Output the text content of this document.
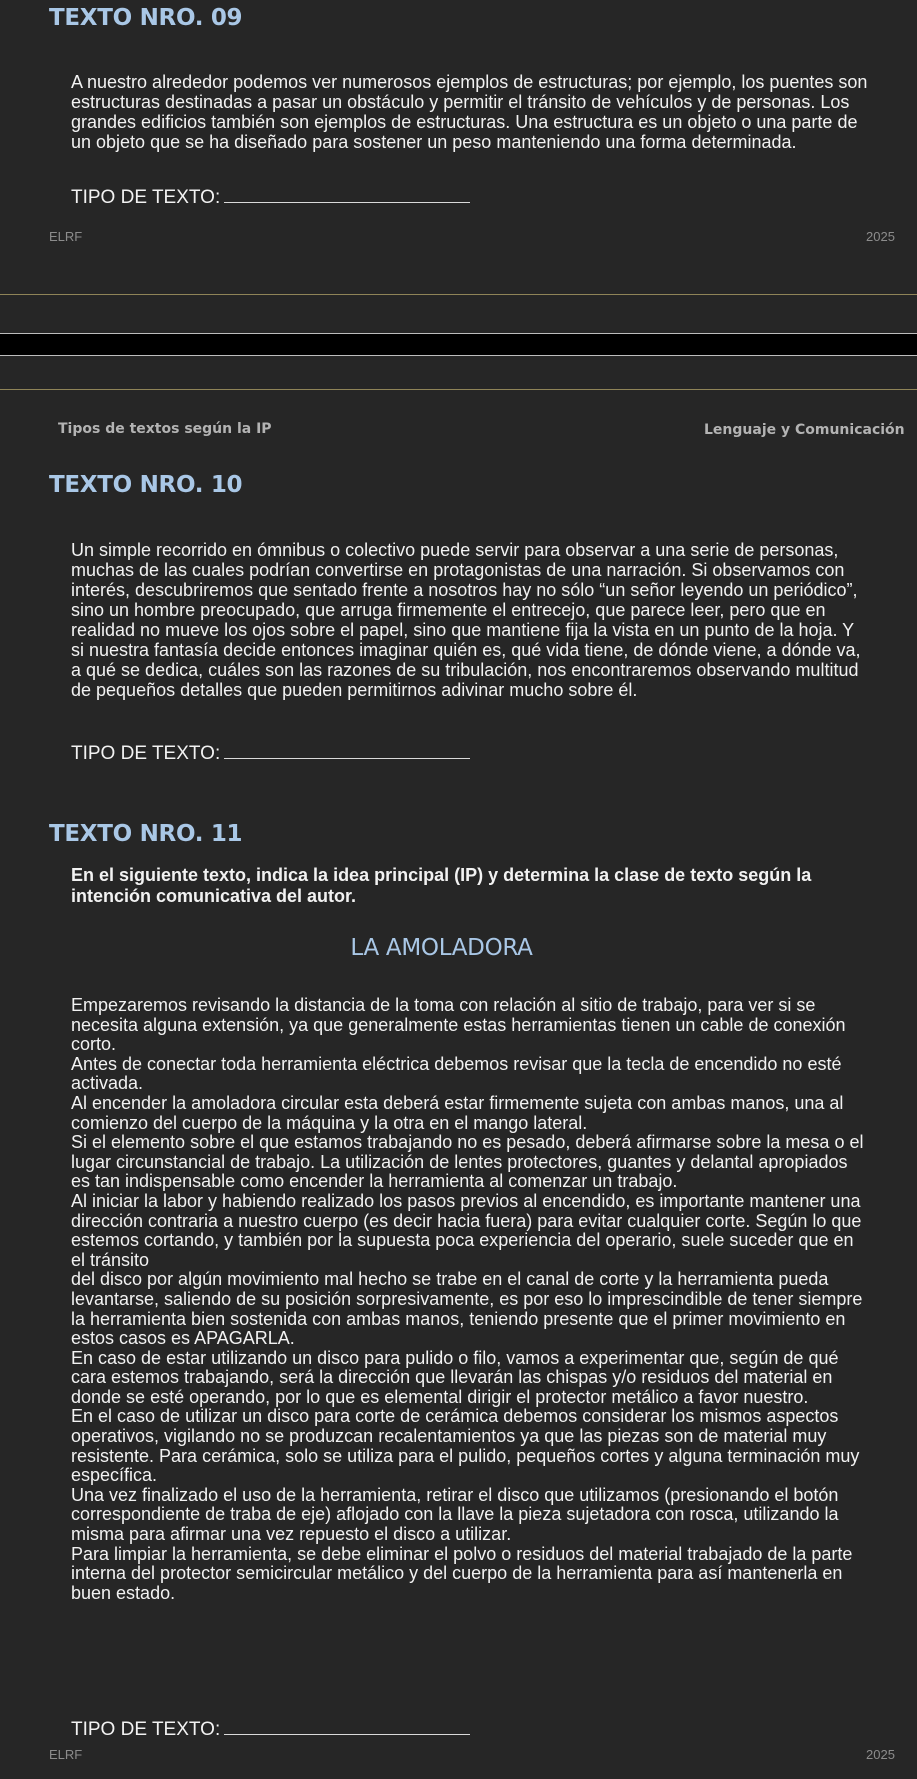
TEXTO NRO. 09
A nuestro alrededor podemos ver numerosos ejemplos de estructuras; por ejemplo, los puentes son
estructuras destinadas a pasar un obstáculo y permitir el tránsito de vehículos y de personas. Los
grandes edificios también son ejemplos de estructuras. Una estructura es un objeto o una parte de
un objeto que se ha diseñado para sostener un peso manteniendo una forma determinada.
TIPO DE TEXTO:
ELRF	2025
Tipos de textos según la IP	Lenguaje y Comunicación
TEXTO NRO. 10
Un simple recorrido en ómnibus o colectivo puede servir para observar a una serie de personas,
muchas de las cuales podrían convertirse en protagonistas de una narración. Si observamos con
interés, descubriremos que sentado frente a nosotros hay no sólo “un señor leyendo un periódico”,
sino un hombre preocupado, que arruga firmemente el entrecejo, que parece leer, pero que en
realidad no mueve los ojos sobre el papel, sino que mantiene fija la vista en un punto de la hoja. Y
si nuestra fantasía decide entonces imaginar quién es, qué vida tiene, de dónde viene, a dónde va,
a qué se dedica, cuáles son las razones de su tribulación, nos encontraremos observando multitud
de pequeños detalles que pueden permitirnos adivinar mucho sobre él.
TIPO DE TEXTO:
TEXTO NRO. 11
En el siguiente texto, indica la idea principal (IP) y determina la clase de texto según la
intención comunicativa del autor.
LA AMOLADORA
Empezaremos revisando la distancia de la toma con relación al sitio de trabajo, para ver si se
necesita alguna extensión, ya que generalmente estas herramientas tienen un cable de conexión
corto.
Antes de conectar toda herramienta eléctrica debemos revisar que la tecla de encendido no esté
activada.
Al encender la amoladora circular esta deberá estar firmemente sujeta con ambas manos, una al
comienzo del cuerpo de la máquina y la otra en el mango lateral.
Si el elemento sobre el que estamos trabajando no es pesado, deberá afirmarse sobre la mesa o el
lugar circunstancial de trabajo. La utilización de lentes protectores, guantes y delantal apropiados
es tan indispensable como encender la herramienta al comenzar un trabajo.
Al iniciar la labor y habiendo realizado los pasos previos al encendido, es importante mantener una
dirección contraria a nuestro cuerpo (es decir hacia fuera) para evitar cualquier corte. Según lo que
estemos cortando, y también por la supuesta poca experiencia del operario, suele suceder que en
el tránsito
del disco por algún movimiento mal hecho se trabe en el canal de corte y la herramienta pueda
levantarse, saliendo de su posición sorpresivamente, es por eso lo imprescindible de tener siempre
la herramienta bien sostenida con ambas manos, teniendo presente que el primer movimiento en
estos casos es APAGARLA.
En caso de estar utilizando un disco para pulido o filo, vamos a experimentar que, según de qué
cara estemos trabajando, será la dirección que llevarán las chispas y/o residuos del material en
donde se esté operando, por lo que es elemental dirigir el protector metálico a favor nuestro.
En el caso de utilizar un disco para corte de cerámica debemos considerar los mismos aspectos
operativos, vigilando no se produzcan recalentamientos ya que las piezas son de material muy
resistente. Para cerámica, solo se utiliza para el pulido, pequeños cortes y alguna terminación muy
específica.
Una vez finalizado el uso de la herramienta, retirar el disco que utilizamos (presionando el botón
correspondiente de traba de eje) aflojado con la llave la pieza sujetadora con rosca, utilizando la
misma para afirmar una vez repuesto el disco a utilizar.
Para limpiar la herramienta, se debe eliminar el polvo o residuos del material trabajado de la parte
interna del protector semicircular metálico y del cuerpo de la herramienta para así mantenerla en
buen estado.
TIPO DE TEXTO:
ELRF	2025
